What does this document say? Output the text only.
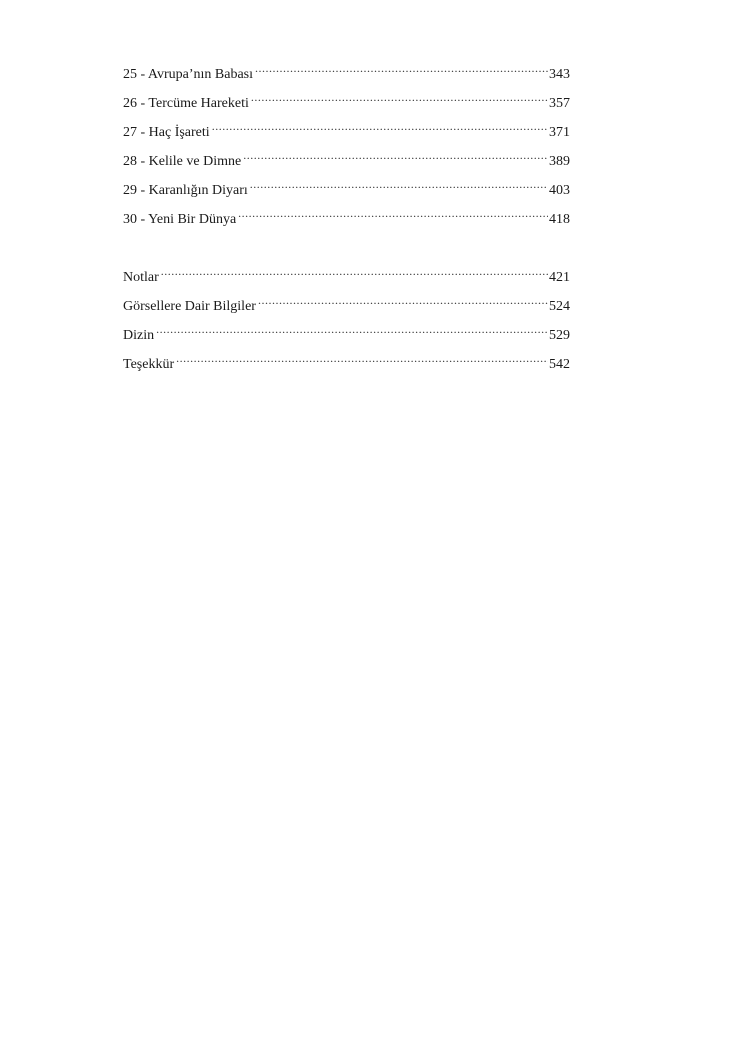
25 - Avrupa’nın Babası .....	343
26 - Tercüme Hareketi .....	357
27 - Haç İşareti .....	371
28 - Kelile ve Dimne .....	389
29 - Karanlığın Diyarı .....	403
30 - Yeni Bir Dünya .....	418
Notlar .....	421
Görsellere Dair Bilgiler .....	524
Dizin .....	529
Teşekkür .....	542
